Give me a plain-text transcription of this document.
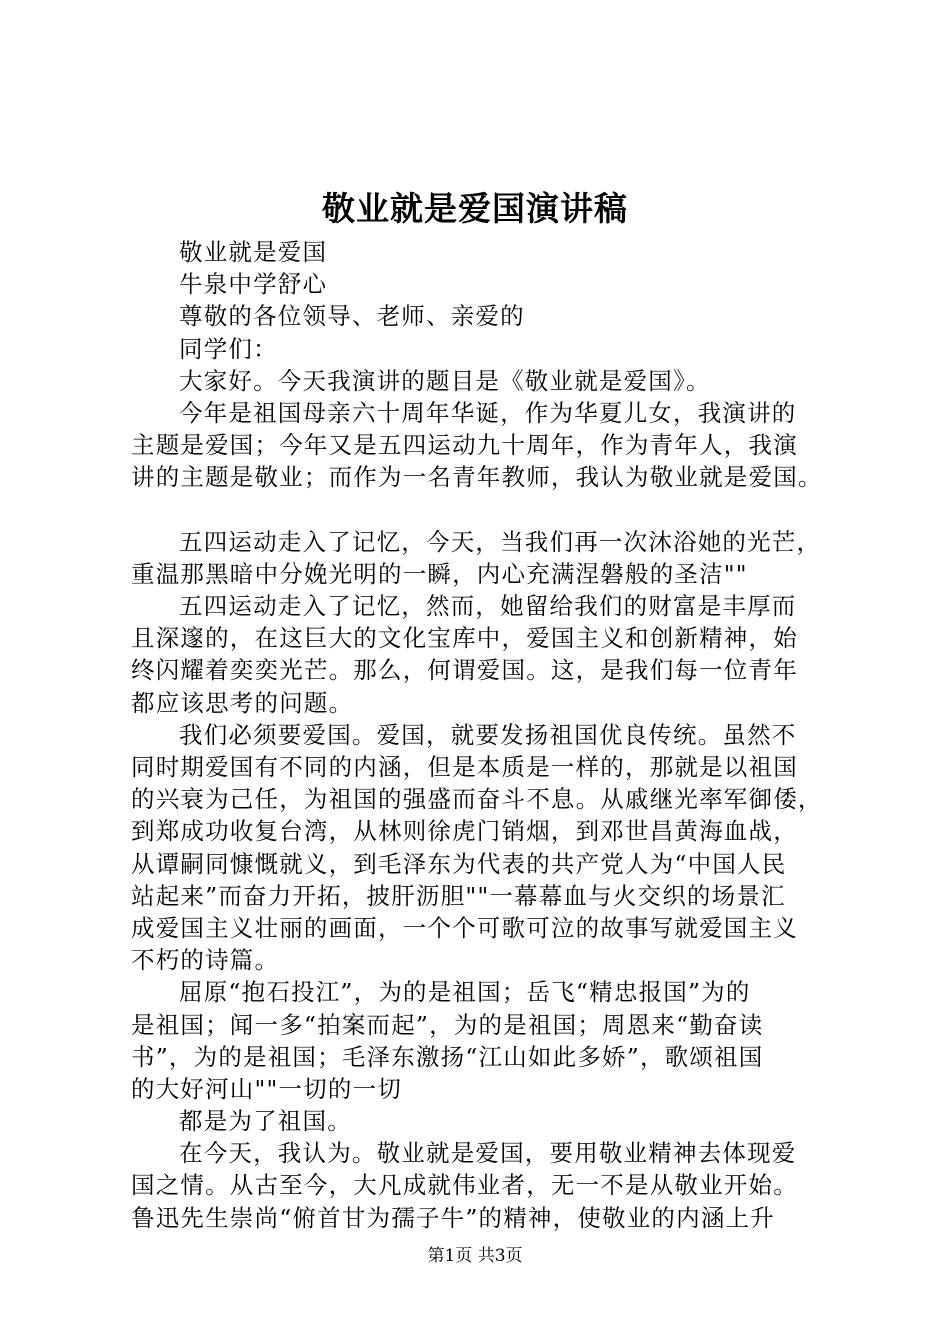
敬业就是爱国演讲稿
敬业就是爱国
牛泉中学舒心
尊敬的各位领导、老师、亲爱的
同学们：
大家好。今天我演讲的题目是《敬业就是爱国》。
今年是祖国母亲六十周年华诞，作为华夏儿女，我演讲的
主题是爱国；今年又是五四运动九十周年，作为青年人，我演
讲的主题是敬业；而作为一名青年教师，我认为敬业就是爱国。
五四运动走入了记忆，今天，当我们再一次沐浴她的光芒，
重温那黑暗中分娩光明的一瞬，内心充满涅磐般的圣洁""
五四运动走入了记忆，然而，她留给我们的财富是丰厚而
且深邃的，在这巨大的文化宝库中，爱国主义和创新精神，始
终闪耀着奕奕光芒。那么，何谓爱国。这，是我们每一位青年
都应该思考的问题。
我们必须要爱国。爱国，就要发扬祖国优良传统。虽然不
同时期爱国有不同的内涵，但是本质是一样的，那就是以祖国
的兴衰为己任，为祖国的强盛而奋斗不息。从戚继光率军御倭，
到郑成功收复台湾，从林则徐虎门销烟，到邓世昌黄海血战，
从谭嗣同慷慨就义，到毛泽东为代表的共产党人为“中国人民
站起来”而奋力开拓，披肝沥胆""一幕幕血与火交织的场景汇
成爱国主义壮丽的画面，一个个可歌可泣的故事写就爱国主义
不朽的诗篇。
屈原“抱石投江”，为的是祖国；岳飞“精忠报国”为的
是祖国；闻一多“拍案而起”，为的是祖国；周恩来“勤奋读
书”，为的是祖国；毛泽东激扬“江山如此多娇”，歌颂祖国
的大好河山""一切的一切
都是为了祖国。
在今天，我认为。敬业就是爱国，要用敬业精神去体现爱
国之情。从古至今，大凡成就伟业者，无一不是从敬业开始。
鲁迅先生崇尚“俯首甘为孺子牛”的精神，使敬业的内涵上升
第1页 共3页
